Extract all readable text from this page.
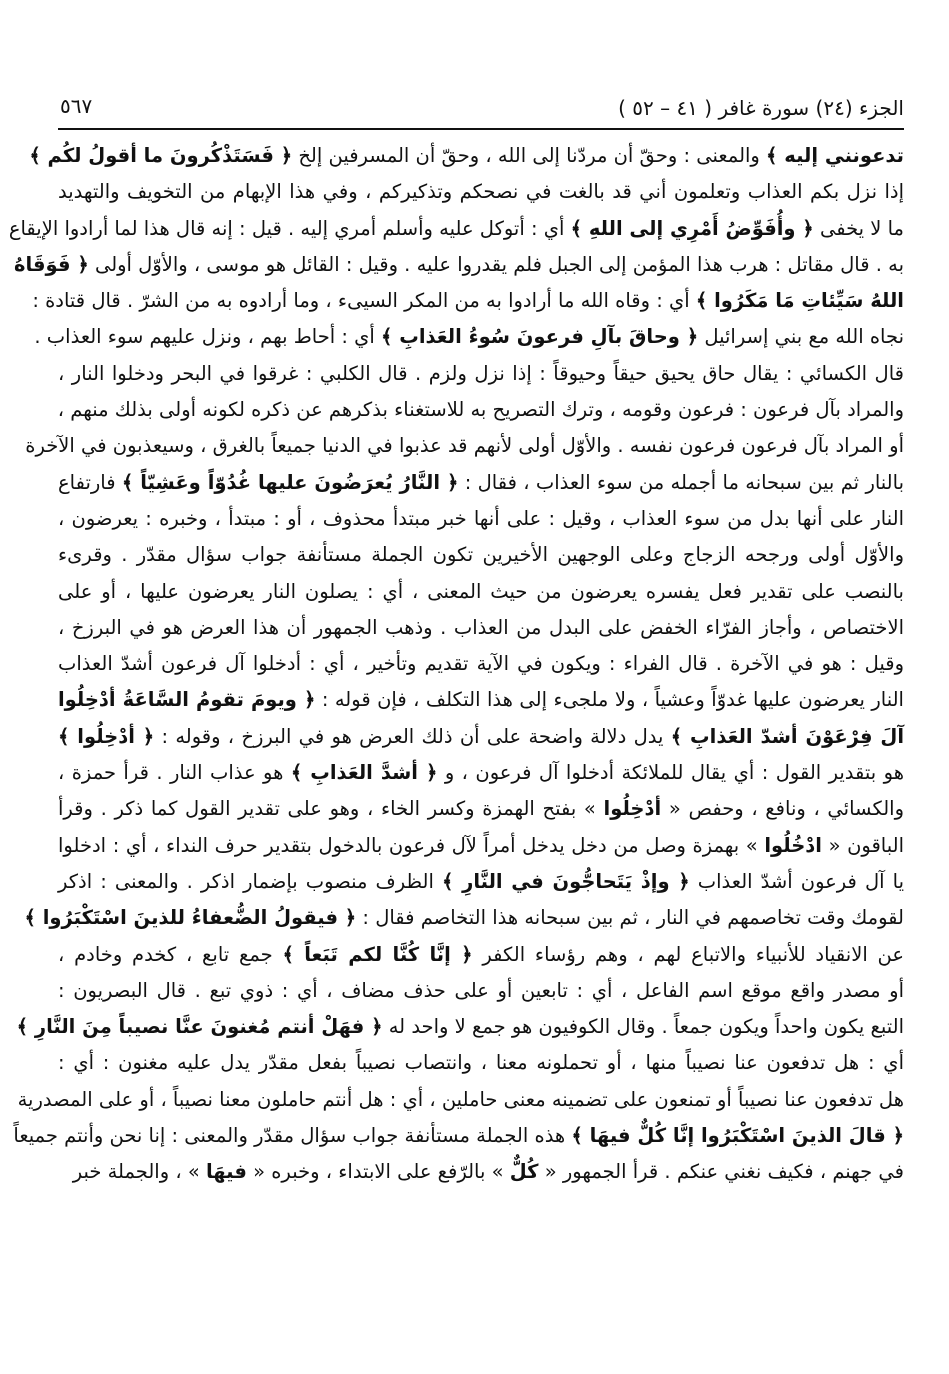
الجزء (٢٤) سورة غافر ( ٤١ – ٥٢ )
٥٦٧
تدعونني إليه ﴾ والمعنى : وحقّ أن مردّنا إلى الله ، وحقّ أن المسرفين إلخ ﴿ فَسَتَذْكُرونَ ما أقولُ لكُم ﴾
إذا نزل بكم العذاب وتعلمون أني قد بالغت في نصحكم وتذكيركم ، وفي هذا الإبهام من التخويف والتهديد
ما لا يخفى ﴿ وأُفَوِّضُ أَمْرِي إلى اللهِ ﴾ أي : أتوكل عليه وأسلم أمري إليه . قيل : إنه قال هذا لما أرادوا الإيقاع
به . قال مقاتل : هرب هذا المؤمن إلى الجبل فلم يقدروا عليه . وقيل : القائل هو موسى ، والأوّل أولى ﴿ فَوَقَاهُ
اللهُ سَيِّئاتِ مَا مَكَرُوا ﴾ أي : وقاه الله ما أرادوا به من المكر السيىء ، وما أرادوه به من الشرّ . قال قتادة :
نجاه الله مع بني إسرائيل ﴿ وحاقَ بآلِ فرعونَ سُوءُ العَذابِ ﴾ أي : أحاط بهم ، ونزل عليهم سوء العذاب .
قال الكسائي : يقال حاق يحيق حيقاً وحيوقاً : إذا نزل ولزم . قال الكلبي : غرقوا في البحر ودخلوا النار ،
والمراد بآل فرعون : فرعون وقومه ، وترك التصريح به للاستغناء بذكرهم عن ذكره لكونه أولى بذلك منهم ،
أو المراد بآل فرعون فرعون نفسه . والأوّل أولى لأنهم قد عذبوا في الدنيا جميعاً بالغرق ، وسيعذبون في الآخرة
بالنار ثم بين سبحانه ما أجمله من سوء العذاب ، فقال : ﴿ النَّارُ يُعرَضُونَ عليها غُدُوّاً وعَشِيّاً ﴾ فارتفاع
النار على أنها بدل من سوء العذاب ، وقيل : على أنها خبر مبتدأ محذوف ، أو : مبتدأ ، وخبره : يعرضون ،
والأوّل أولى ورجحه الزجاج وعلى الوجهين الأخيرين تكون الجملة مستأنفة جواب سؤال مقدّر . وقرىء
بالنصب على تقدير فعل يفسره يعرضون من حيث المعنى ، أي : يصلون النار يعرضون عليها ، أو على
الاختصاص ، وأجاز الفرّاء الخفض على البدل من العذاب . وذهب الجمهور أن هذا العرض هو في البرزخ ،
وقيل : هو في الآخرة . قال الفراء : ويكون في الآية تقديم وتأخير ، أي : أدخلوا آل فرعون أشدّ العذاب
النار يعرضون عليها غدوّاً وعشياً ، ولا ملجىء إلى هذا التكلف ، فإن قوله : ﴿ ويومَ تقومُ السَّاعَةُ أدْخِلُوا
آلَ فِرْعَوْنَ أشدّ العَذابِ ﴾ يدل دلالة واضحة على أن ذلك العرض هو في البرزخ ، وقوله : ﴿ أدْخِلُوا ﴾
هو بتقدير القول : أي يقال للملائكة أدخلوا آل فرعون ، و ﴿ أشدَّ العَذابِ ﴾ هو عذاب النار . قرأ حمزة ،
والكسائي ، ونافع ، وحفص « أدْخِلُوا » بفتح الهمزة وكسر الخاء ، وهو على تقدير القول كما ذكر . وقرأ
الباقون « ادْخُلُوا » بهمزة وصل من دخل يدخل أمراً لآل فرعون بالدخول بتقدير حرف النداء ، أي : ادخلوا
يا آل فرعون أشدّ العذاب ﴿ وإذْ يَتَحاجُّونَ في النَّارِ ﴾ الظرف منصوب بإضمار اذكر . والمعنى : اذكر
لقومك وقت تخاصمهم في النار ، ثم بين سبحانه هذا التخاصم فقال : ﴿ فيقولُ الضُّعفاءُ للذينَ اسْتَكْبَرُوا ﴾
عن الانقياد للأنبياء والاتباع لهم ، وهم رؤساء الكفر ﴿ إنَّا كُنَّا لكم تَبَعاً ﴾ جمع تابع ، كخدم وخادم ،
أو مصدر واقع موقع اسم الفاعل ، أي : تابعين أو على حذف مضاف ، أي : ذوي تبع . قال البصريون :
التبع يكون واحداً ويكون جمعاً . وقال الكوفيون هو جمع لا واحد له ﴿ فهَلْ أنتم مُغنونَ عنَّا نصيباً مِنَ النَّارِ ﴾
أي : هل تدفعون عنا نصيباً منها ، أو تحملونه معنا ، وانتصاب نصيباً بفعل مقدّر يدل عليه مغنون : أي :
هل تدفعون عنا نصيباً أو تمنعون على تضمينه معنى حاملين ، أي : هل أنتم حاملون معنا نصيباً ، أو على المصدرية
﴿ قالَ الذينَ اسْتَكْبَرُوا إنَّا كُلٌّ فيهَا ﴾ هذه الجملة مستأنفة جواب سؤال مقدّر والمعنى : إنا نحن وأنتم جميعاً
في جهنم ، فكيف نغني عنكم . قرأ الجمهور « كُلٌّ » بالرّفع على الابتداء ، وخبره « فيهَا » ، والجملة خبر
